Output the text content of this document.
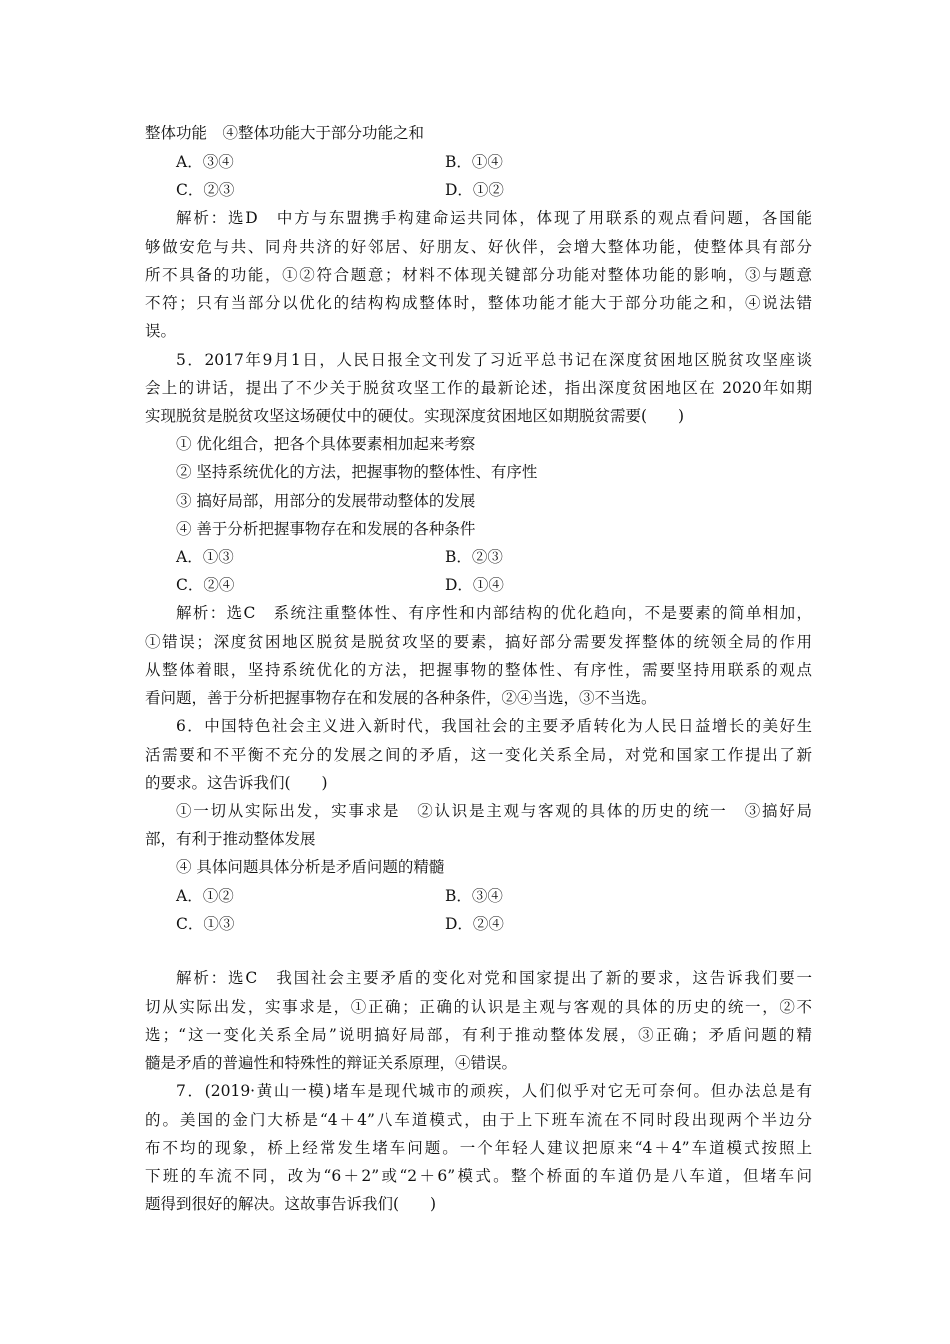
整体功能　④整体功能大于部分功能之和
A．③④	B．①④
C．②③	D．①②
解析：选D　中方与东盟携手构建命运共同体，体现了用联系的观点看问题，各国能
够做安危与共、同舟共济的好邻居、好朋友、好伙伴，会增大整体功能，使整体具有部分
所不具备的功能，①②符合题意；材料不体现关键部分功能对整体功能的影响，③与题意
不符；只有当部分以优化的结构构成整体时，整体功能才能大于部分功能之和，④说法错
误。
5．2017年9月1日，人民日报全文刊发了习近平总书记在深度贫困地区脱贫攻坚座谈
会上的讲话，提出了不少关于脱贫攻坚工作的最新论述，指出深度贫困地区在 2020年如期
实现脱贫是脱贫攻坚这场硬仗中的硬仗。实现深度贫困地区如期脱贫需要(　　)
① 优化组合，把各个具体要素相加起来考察
② 坚持系统优化的方法，把握事物的整体性、有序性
③ 搞好局部，用部分的发展带动整体的发展
④ 善于分析把握事物存在和发展的各种条件
A．①③	B．②③
C．②④	D．①④
解析：选C　系统注重整体性、有序性和内部结构的优化趋向，不是要素的简单相加，
①错误；深度贫困地区脱贫是脱贫攻坚的要素，搞好部分需要发挥整体的统领全局的作用
从整体着眼，坚持系统优化的方法，把握事物的整体性、有序性，需要坚持用联系的观点
看问题，善于分析把握事物存在和发展的各种条件，②④当选，③不当选。
6．中国特色社会主义进入新时代，我国社会的主要矛盾转化为人民日益增长的美好生
活需要和不平衡不充分的发展之间的矛盾，这一变化关系全局，对党和国家工作提出了新
的要求。这告诉我们(　　)
①一切从实际出发，实事求是　②认识是主观与客观的具体的历史的统一　③搞好局
部，有利于推动整体发展
④ 具体问题具体分析是矛盾问题的精髓
A．①②	B．③④
C．①③	D．②④
解析：选C　我国社会主要矛盾的变化对党和国家提出了新的要求，这告诉我们要一
切从实际出发，实事求是，①正确；正确的认识是主观与客观的具体的历史的统一，②不
选；“这一变化关系全局”说明搞好局部，有利于推动整体发展，③正确；矛盾问题的精
髓是矛盾的普遍性和特殊性的辩证关系原理，④错误。
7．(2019·黄山一模)堵车是现代城市的顽疾，人们似乎对它无可奈何。但办法总是有
的。美国的金门大桥是“4＋4”八车道模式，由于上下班车流在不同时段出现两个半边分
布不均的现象，桥上经常发生堵车问题。一个年轻人建议把原来“4＋4”车道模式按照上
下班的车流不同，改为“6＋2”或“2＋6”模式。整个桥面的车道仍是八车道，但堵车问
题得到很好的解决。这故事告诉我们(　　)
